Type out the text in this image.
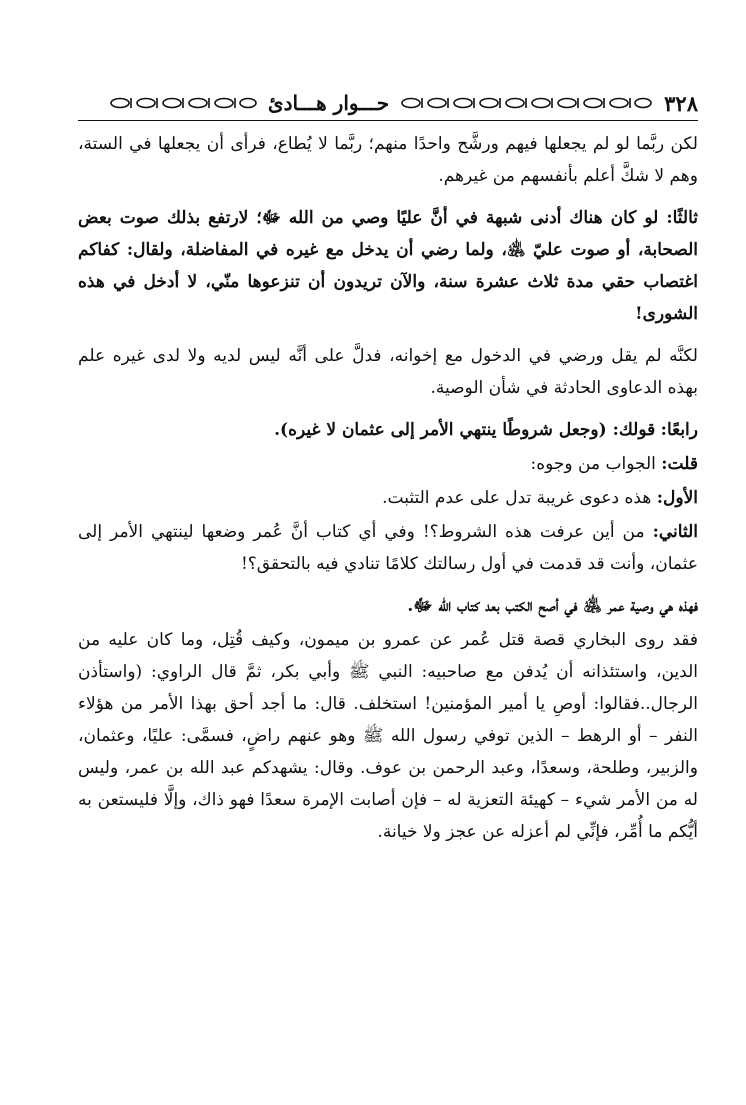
٣٢٨
حـــوار هـــادئ

لكن ربَّما لو لم يجعلها فيهم ورشَّح واحدًا منهم؛ ربَّما لا يُطاع، فرأى أن يجعلها في الستة، وهم لا شكَّ أعلم بأنفسهم من غيرهم.

ثالثًا: لو كان هناك أدنى شبهة في أنَّ عليًا وصي من الله ﷻ؛ لارتفع بذلك صوت بعض الصحابة، أو صوت عليّ ﵁، ولما رضي أن يدخل مع غيره في المفاضلة، ولقال: كفاكم اغتصاب حقي مدة ثلاث عشرة سنة، والآن تريدون أن تنزعوها منّي، لا أدخل في هذه الشورى!

لكنَّه لم يقل ورضي في الدخول مع إخوانه، فدلَّ على أنَّه ليس لديه ولا لدى غيره علم بهذه الدعاوى الحادثة في شأن الوصية.

رابعًا: قولك: (وجعل شروطًا ينتهي الأمر إلى عثمان لا غيره).

قلت: الجواب من وجوه:

الأول: هذه دعوى غريبة تدل على عدم التثبت.

الثاني: من أين عرفت هذه الشروط؟! وفي أي كتاب أنَّ عُمر وضعها لينتهي الأمر إلى عثمان، وأنت قد قدمت في أول رسالتك كلامًا تنادي فيه بالتحقق؟!

فهذه هي وصية عمر ﵁ في أصح الكتب بعد كتاب الله ﷻ.

فقد روى البخاري قصة قتل عُمر عن عمرو بن ميمون، وكيف قُتِل، وما كان عليه من الدين، واستئذانه أن يُدفن مع صاحبيه: النبي ﷺ وأبي بكر، ثمَّ قال الراوي: (واستأذن الرجال..فقالوا: أوصِ يا أمير المؤمنين! استخلف. قال: ما أجد أحق بهذا الأمر من هؤلاء النفر – أو الرهط – الذين توفي رسول الله ﷺ وهو عنهم راضٍ، فسمَّى: عليًا، وعثمان، والزبير، وطلحة، وسعدًا، وعبد الرحمن بن عوف. وقال: يشهدكم عبد الله بن عمر، وليس له من الأمر شيء – كهيئة التعزية له – فإن أصابت الإمرة سعدًا فهو ذاك، وإلَّا فليستعن به أيُّكم ما أُمِّر، فإنِّي لم أعزله عن عجز ولا خيانة.
